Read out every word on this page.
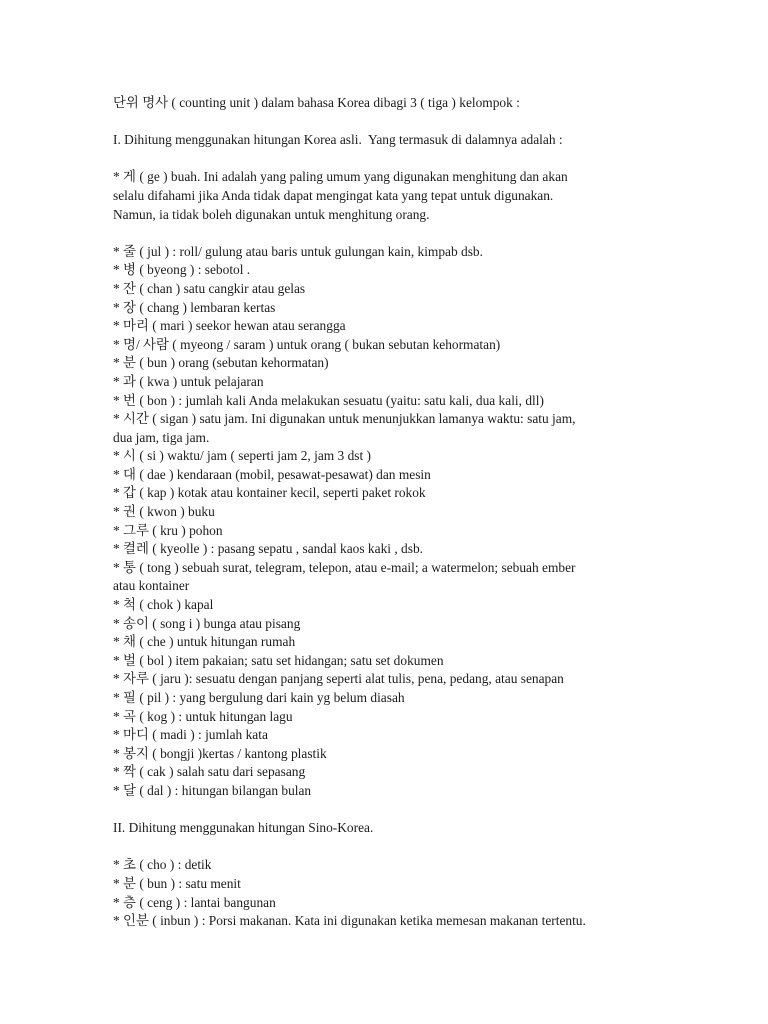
단위 명사 ( counting unit ) dalam bahasa Korea dibagi 3 ( tiga ) kelompok :

I. Dihitung menggunakan hitungan Korea asli.  Yang termasuk di dalamnya adalah :

* 게 ( ge ) buah. Ini adalah yang paling umum yang digunakan menghitung dan akan

selalu difahami jika Anda tidak dapat mengingat kata yang tepat untuk digunakan.

Namun, ia tidak boleh digunakan untuk menghitung orang.

* 줄 ( jul ) : roll/ gulung atau baris untuk gulungan kain, kimpab dsb.

* 병 ( byeong ) : sebotol .

* 잔 ( chan ) satu cangkir atau gelas

* 장 ( chang ) lembaran kertas

* 마리 ( mari ) seekor hewan atau serangga

* 명/ 사람 ( myeong / saram ) untuk orang ( bukan sebutan kehormatan)

* 분 ( bun ) orang (sebutan kehormatan)

* 과 ( kwa ) untuk pelajaran

* 번 ( bon ) : jumlah kali Anda melakukan sesuatu (yaitu: satu kali, dua kali, dll)

* 시간 ( sigan ) satu jam. Ini digunakan untuk menunjukkan lamanya waktu: satu jam,

dua jam, tiga jam.

* 시 ( si ) waktu/ jam ( seperti jam 2, jam 3 dst )

* 대 ( dae ) kendaraan (mobil, pesawat-pesawat) dan mesin

* 갑 ( kap ) kotak atau kontainer kecil, seperti paket rokok

* 권 ( kwon ) buku

* 그루 ( kru ) pohon

* 켤레 ( kyeolle ) : pasang sepatu , sandal kaos kaki , dsb.

* 통 ( tong ) sebuah surat, telegram, telepon, atau e-mail; a watermelon; sebuah ember

atau kontainer

* 척 ( chok ) kapal

* 송이 ( song i ) bunga atau pisang

* 채 ( che ) untuk hitungan rumah

* 벌 ( bol ) item pakaian; satu set hidangan; satu set dokumen

* 자루 ( jaru ): sesuatu dengan panjang seperti alat tulis, pena, pedang, atau senapan

* 필 ( pil ) : yang bergulung dari kain yg belum diasah

* 곡 ( kog ) : untuk hitungan lagu

* 마디 ( madi ) : jumlah kata

* 봉지 ( bongji )kertas / kantong plastik

* 짝 ( cak ) salah satu dari sepasang

* 달 ( dal ) : hitungan bilangan bulan

II. Dihitung menggunakan hitungan Sino-Korea.

* 초 ( cho ) : detik

* 분 ( bun ) : satu menit

* 층 ( ceng ) : lantai bangunan

* 인분 ( inbun ) : Porsi makanan. Kata ini digunakan ketika memesan makanan tertentu.
